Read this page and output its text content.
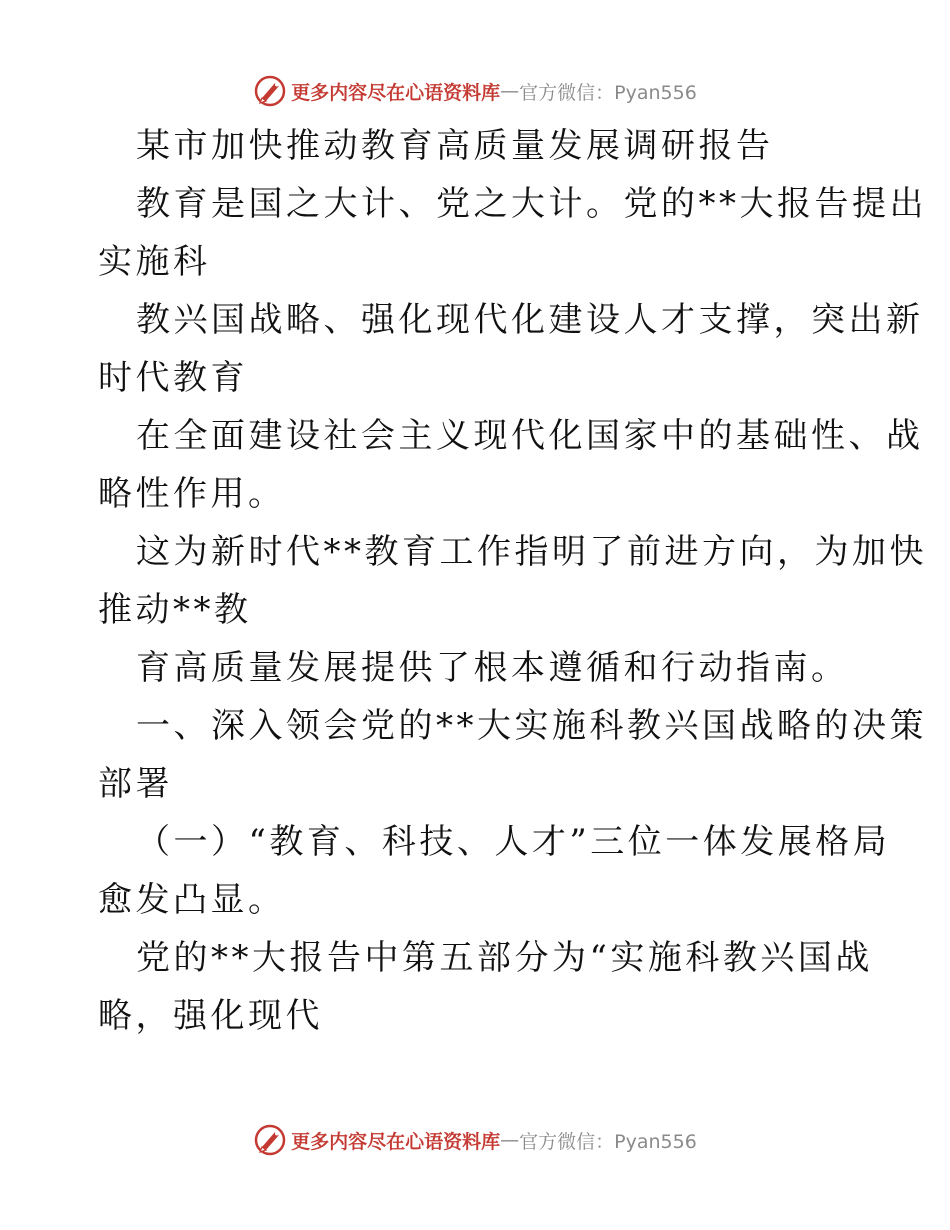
更多内容尽在心语资料库 — 官方微信：Pyan556

某市加快推动教育高质量发展调研报告

教育是国之大计、党之大计。党的**大报告提出

实施科

教兴国战略、强化现代化建设人才支撑，突出新

时代教育

在全面建设社会主义现代化国家中的基础性、战

略性作用。

这为新时代**教育工作指明了前进方向，为加快

推动**教

育高质量发展提供了根本遵循和行动指南。

一、深入领会党的**大实施科教兴国战略的决策

部署

（一）“教育、科技、人才”三位一体发展格局

愈发凸显。

党的**大报告中第五部分为“实施科教兴国战

略，强化现代

更多内容尽在心语资料库 — 官方微信：Pyan556
